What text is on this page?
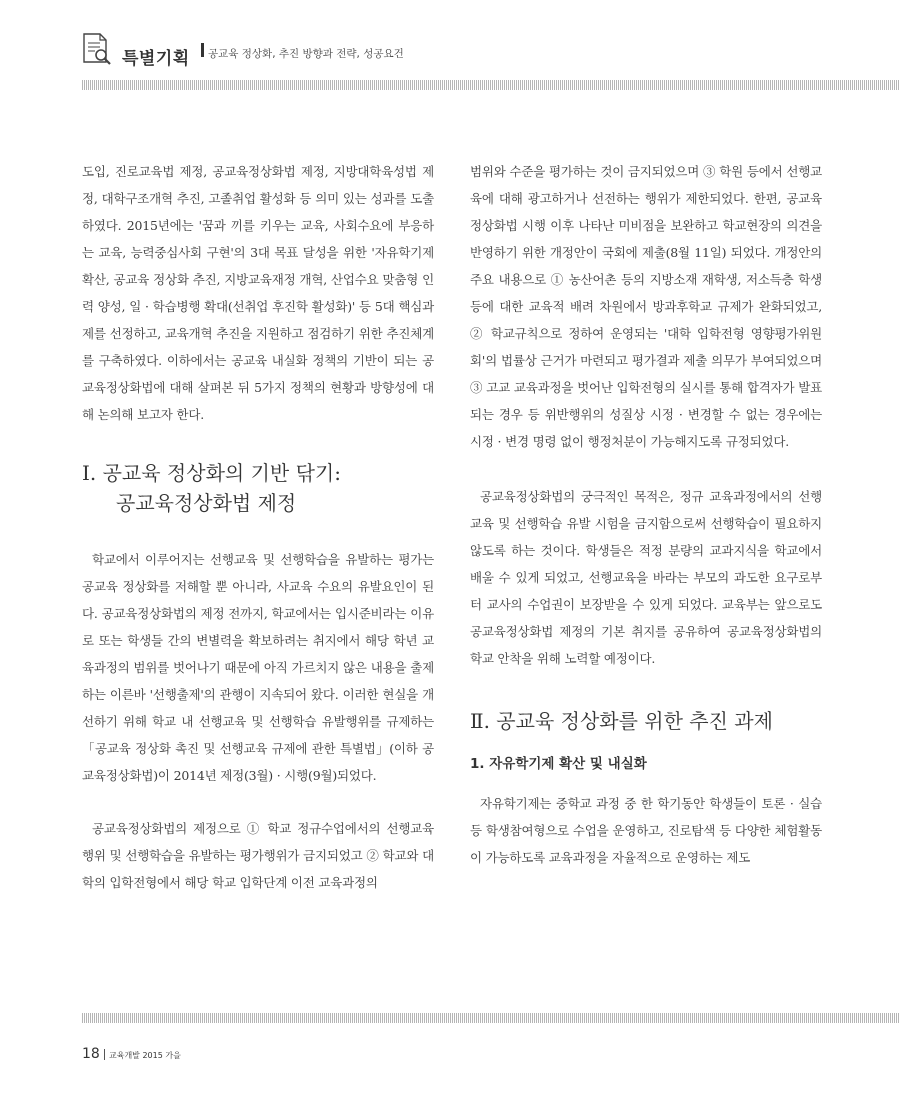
특별기획 공교육 정상화, 추진 방향과 전략, 성공요건

도입, 진로교육법 제정, 공교육정상화법 제정, 지방대학육성법 제정, 대학구조개혁 추진, 고졸취업 활성화 등 의미 있는 성과를 도출하였다. 2015년에는 '꿈과 끼를 키우는 교육, 사회수요에 부응하는 교육, 능력중심사회 구현'의 3대 목표 달성을 위한 '자유학기제 확산, 공교육 정상화 추진, 지방교육재정 개혁, 산업수요 맞춤형 인력 양성, 일 · 학습병행 확대(선취업 후진학 활성화)' 등 5대 핵심과제를 선정하고, 교육개혁 추진을 지원하고 점검하기 위한 추진체계를 구축하였다. 이하에서는 공교육 내실화 정책의 기반이 되는 공교육정상화법에 대해 살펴본 뒤 5가지 정책의 현황과 방향성에 대해 논의해 보고자 한다.

Ⅰ. 공교육 정상화의 기반 닦기:
공교육정상화법 제정

학교에서 이루어지는 선행교육 및 선행학습을 유발하는 평가는 공교육 정상화를 저해할 뿐 아니라, 사교육 수요의 유발요인이 된다. 공교육정상화법의 제정 전까지, 학교에서는 입시준비라는 이유로 또는 학생들 간의 변별력을 확보하려는 취지에서 해당 학년 교육과정의 범위를 벗어나기 때문에 아직 가르치지 않은 내용을 출제하는 이른바 '선행출제'의 관행이 지속되어 왔다. 이러한 현실을 개선하기 위해 학교 내 선행교육 및 선행학습 유발행위를 규제하는 「공교육 정상화 촉진 및 선행교육 규제에 관한 특별법」(이하 공교육정상화법)이 2014년 제정(3월) · 시행(9월)되었다.

공교육정상화법의 제정으로 ① 학교 정규수업에서의 선행교육 행위 및 선행학습을 유발하는 평가행위가 금지되었고 ② 학교와 대학의 입학전형에서 해당 학교 입학단계 이전 교육과정의

범위와 수준을 평가하는 것이 금지되었으며 ③ 학원 등에서 선행교육에 대해 광고하거나 선전하는 행위가 제한되었다. 한편, 공교육정상화법 시행 이후 나타난 미비점을 보완하고 학교현장의 의견을 반영하기 위한 개정안이 국회에 제출(8월 11일) 되었다. 개정안의 주요 내용으로 ① 농산어촌 등의 지방소재 재학생, 저소득층 학생 등에 대한 교육적 배려 차원에서 방과후학교 규제가 완화되었고, ② 학교규칙으로 정하여 운영되는 '대학 입학전형 영향평가위원회'의 법률상 근거가 마련되고 평가결과 제출 의무가 부여되었으며 ③ 고교 교육과정을 벗어난 입학전형의 실시를 통해 합격자가 발표되는 경우 등 위반행위의 성질상 시정 · 변경할 수 없는 경우에는 시정 · 변경 명령 없이 행정처분이 가능해지도록 규정되었다.

공교육정상화법의 궁극적인 목적은, 정규 교육과정에서의 선행교육 및 선행학습 유발 시험을 금지함으로써 선행학습이 필요하지 않도록 하는 것이다. 학생들은 적정 분량의 교과지식을 학교에서 배울 수 있게 되었고, 선행교육을 바라는 부모의 과도한 요구로부터 교사의 수업권이 보장받을 수 있게 되었다. 교육부는 앞으로도 공교육정상화법 제정의 기본 취지를 공유하여 공교육정상화법의 학교 안착을 위해 노력할 예정이다.

Ⅱ. 공교육 정상화를 위한 추진 과제

1. 자유학기제 확산 및 내실화

자유학기제는 중학교 과정 중 한 학기동안 학생들이 토론 · 실습 등 학생참여형으로 수업을 운영하고, 진로탐색 등 다양한 체험활동이 가능하도록 교육과정을 자율적으로 운영하는 제도

18 교육개발 2015 가을
